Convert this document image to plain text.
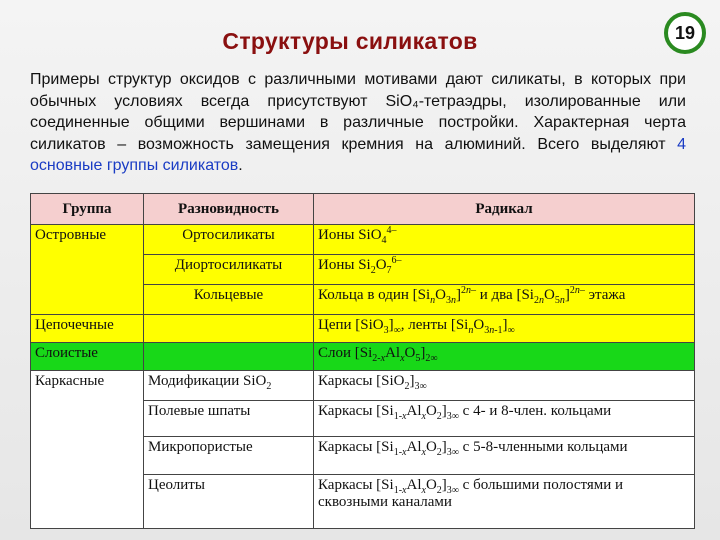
Структуры силикатов	19
Примеры структур оксидов с различными мотивами дают силикаты, в которых при обычных условиях всегда присутствуют SiO₄-тетраэдры, изолированные или соединенные общими вершинами в различные постройки. Характерная черта силикатов – возможность замещения кремния на алюминий. Всего выделяют 4 основные группы силикатов.
Группа	Разновидность	Радикал
Островные	Ортосиликаты	Ионы SiO$_4^{4-}$
	Диортосиликаты	Ионы $Si_2O_7^{6-}$
	Кольцевые	Кольца в один $[Si_nO_{3n}]^{2n-}$ и два $[Si_{2n}O_{5n}]^{2n-}$ этажа
Цепочечные		Цепи $[SiO_3]_\infty$, ленты $[Si_nO_{3n-1}]_\infty$
Слоистые		Слои $[Si_{2-x}Al_xO_5]_{2\infty}$
Каркасные	Модификации SiO$_2$	Каркасы $[SiO_2]_{3\infty}$
	Полевые шпаты	Каркасы $[Si_{1-x}Al_xO_2]_{3\infty}$ с 4- и 8-член. кольцами
	Микропористые	Каркасы $[Si_{1-x}Al_xO_2]_{3\infty}$ с 5-8-членными кольцами
	Цеолиты	Каркасы $[Si_{1-x}Al_xO_2]_{3\infty}$ с большими полостями и сквозными каналами
